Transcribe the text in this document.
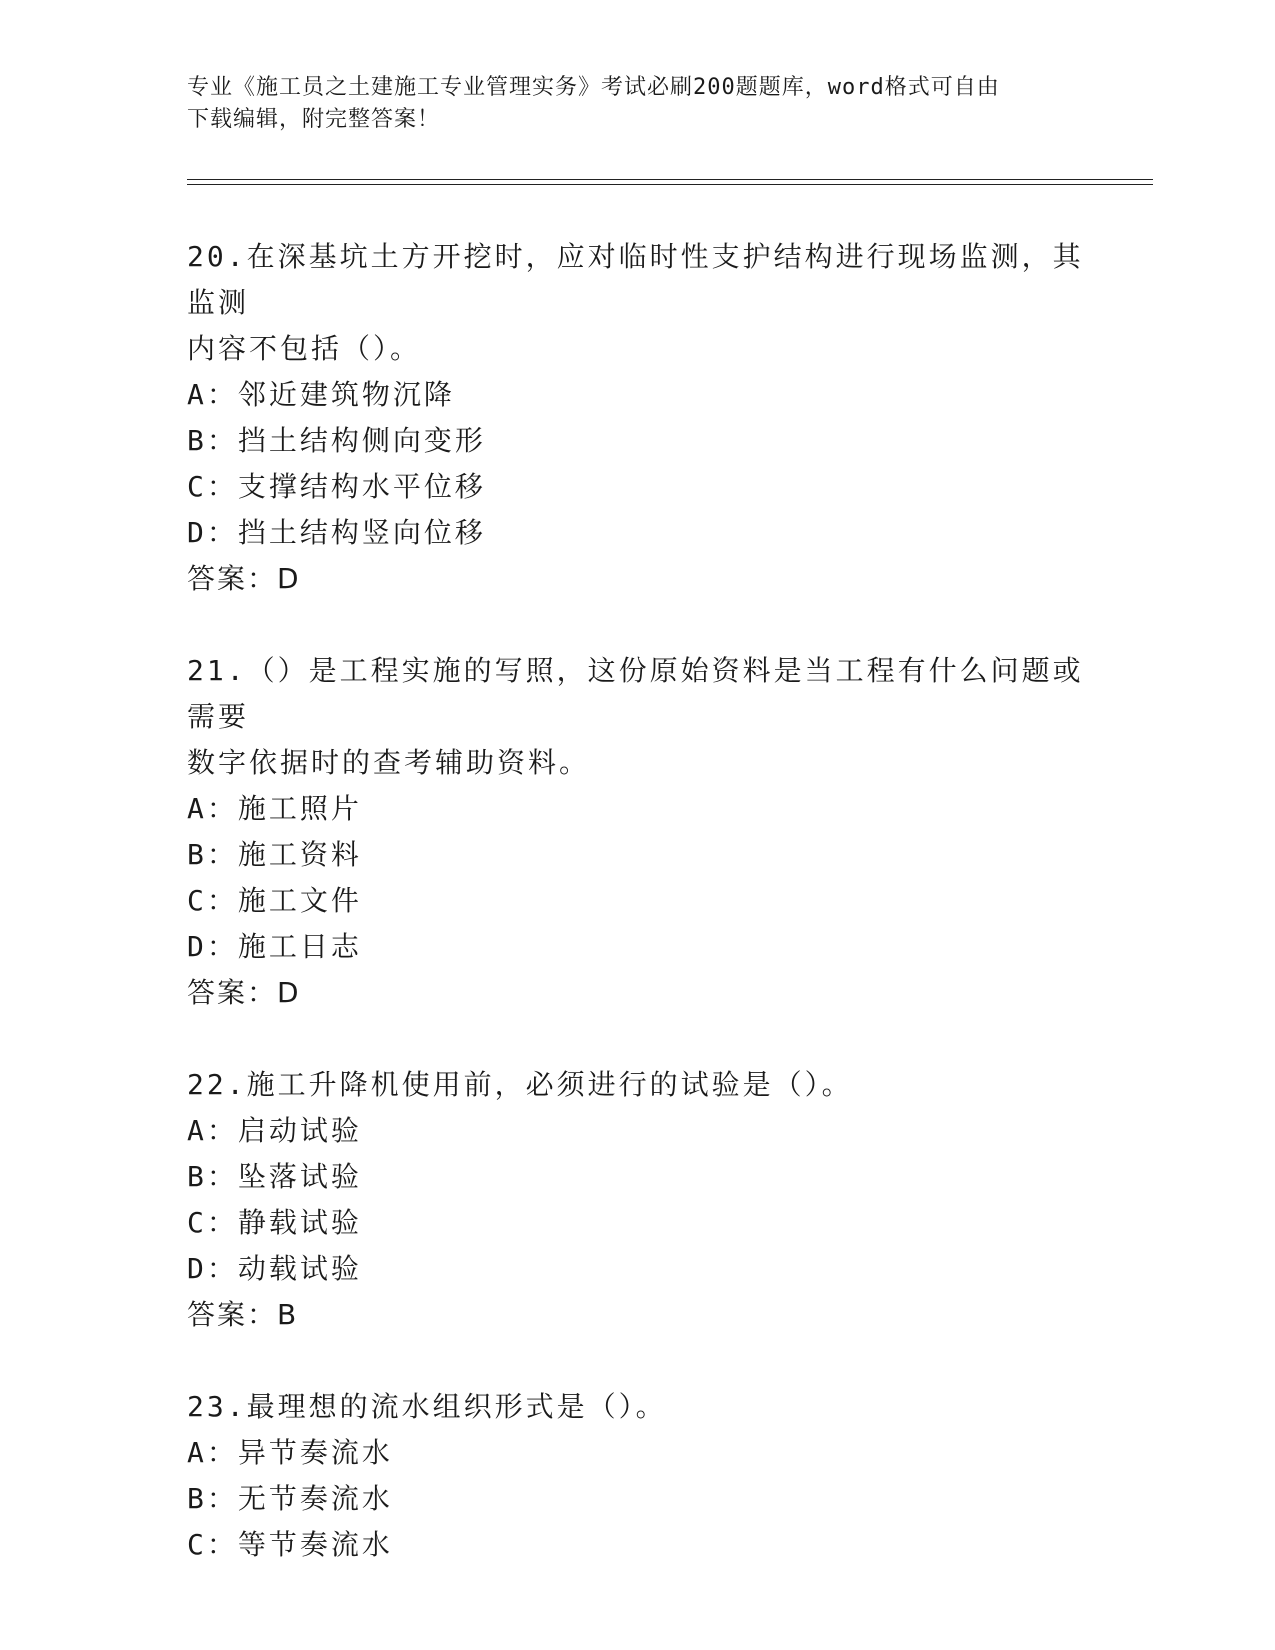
专业《施工员之土建施工专业管理实务》考试必刷200题题库，word格式可自由
下载编辑，附完整答案！
20.在深基坑土方开挖时，应对临时性支护结构进行现场监测，其监测
内容不包括（）。
A：邻近建筑物沉降
B：挡土结构侧向变形
C：支撑结构水平位移
D：挡土结构竖向位移
答案：D
21.（）是工程实施的写照，这份原始资料是当工程有什么问题或需要
数字依据时的查考辅助资料。
A：施工照片
B：施工资料
C：施工文件
D：施工日志
答案：D
22.施工升降机使用前，必须进行的试验是（）。
A：启动试验
B：坠落试验
C：静载试验
D：动载试验
答案：B
23.最理想的流水组织形式是（）。
A：异节奏流水
B：无节奏流水
C：等节奏流水
